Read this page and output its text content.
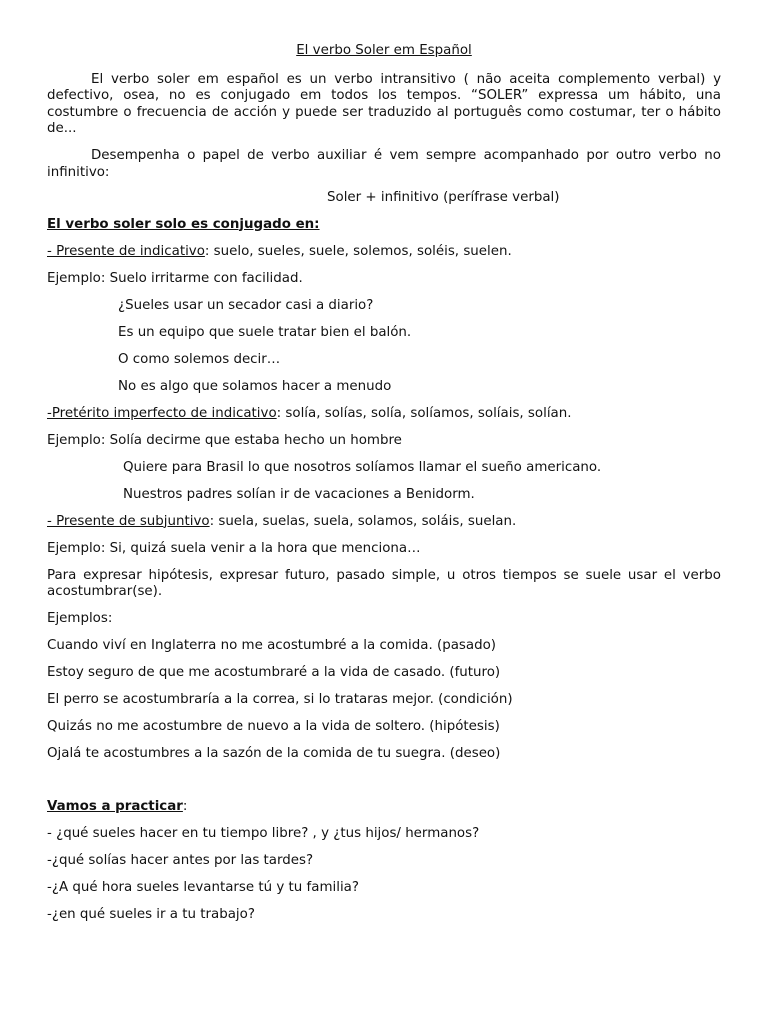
El verbo Soler em Español

El verbo soler em español es un verbo intransitivo ( não aceita complemento verbal) y defectivo, osea, no es conjugado em todos los tempos. “SOLER” expressa um hábito, una costumbre o frecuencia de acción y puede ser traduzido al português como costumar, ter o hábito de...

Desempenha o papel de verbo auxiliar é vem sempre acompanhado por outro verbo no infinitivo:

Soler + infinitivo (perífrase verbal)

El verbo soler solo es conjugado en:

- Presente de indicativo: suelo, sueles, suele, solemos, soléis, suelen.

Ejemplo: Suelo irritarme con facilidad.

¿Sueles usar un secador casi a diario?

Es un equipo que suele tratar bien el balón.

O como solemos decir…

No es algo que solamos hacer a menudo

-Pretérito imperfecto de indicativo: solía, solías, solía, solíamos, solíais, solían.

Ejemplo: Solía decirme que estaba hecho un hombre

Quiere para Brasil lo que nosotros solíamos llamar el sueño americano.

Nuestros padres solían ir de vacaciones a Benidorm.

- Presente de subjuntivo: suela, suelas, suela, solamos, soláis, suelan.

Ejemplo: Si, quizá suela venir a la hora que menciona…

Para expresar hipótesis, expresar futuro, pasado simple, u otros tiempos se suele usar el verbo acostumbrar(se).

Ejemplos:

Cuando viví en Inglaterra no me acostumbré a la comida. (pasado)

Estoy seguro de que me acostumbraré a la vida de casado. (futuro)

El perro se acostumbraría a la correa, si lo trataras mejor. (condición)

Quizás no me acostumbre de nuevo a la vida de soltero. (hipótesis)

Ojalá te acostumbres a la sazón de la comida de tu suegra. (deseo)

Vamos a practicar:

- ¿qué sueles hacer en tu tiempo libre? , y ¿tus hijos/ hermanos?

-¿qué solías hacer antes por las tardes?

-¿A qué hora sueles levantarse tú y tu familia?

-¿en qué sueles ir a tu trabajo?
